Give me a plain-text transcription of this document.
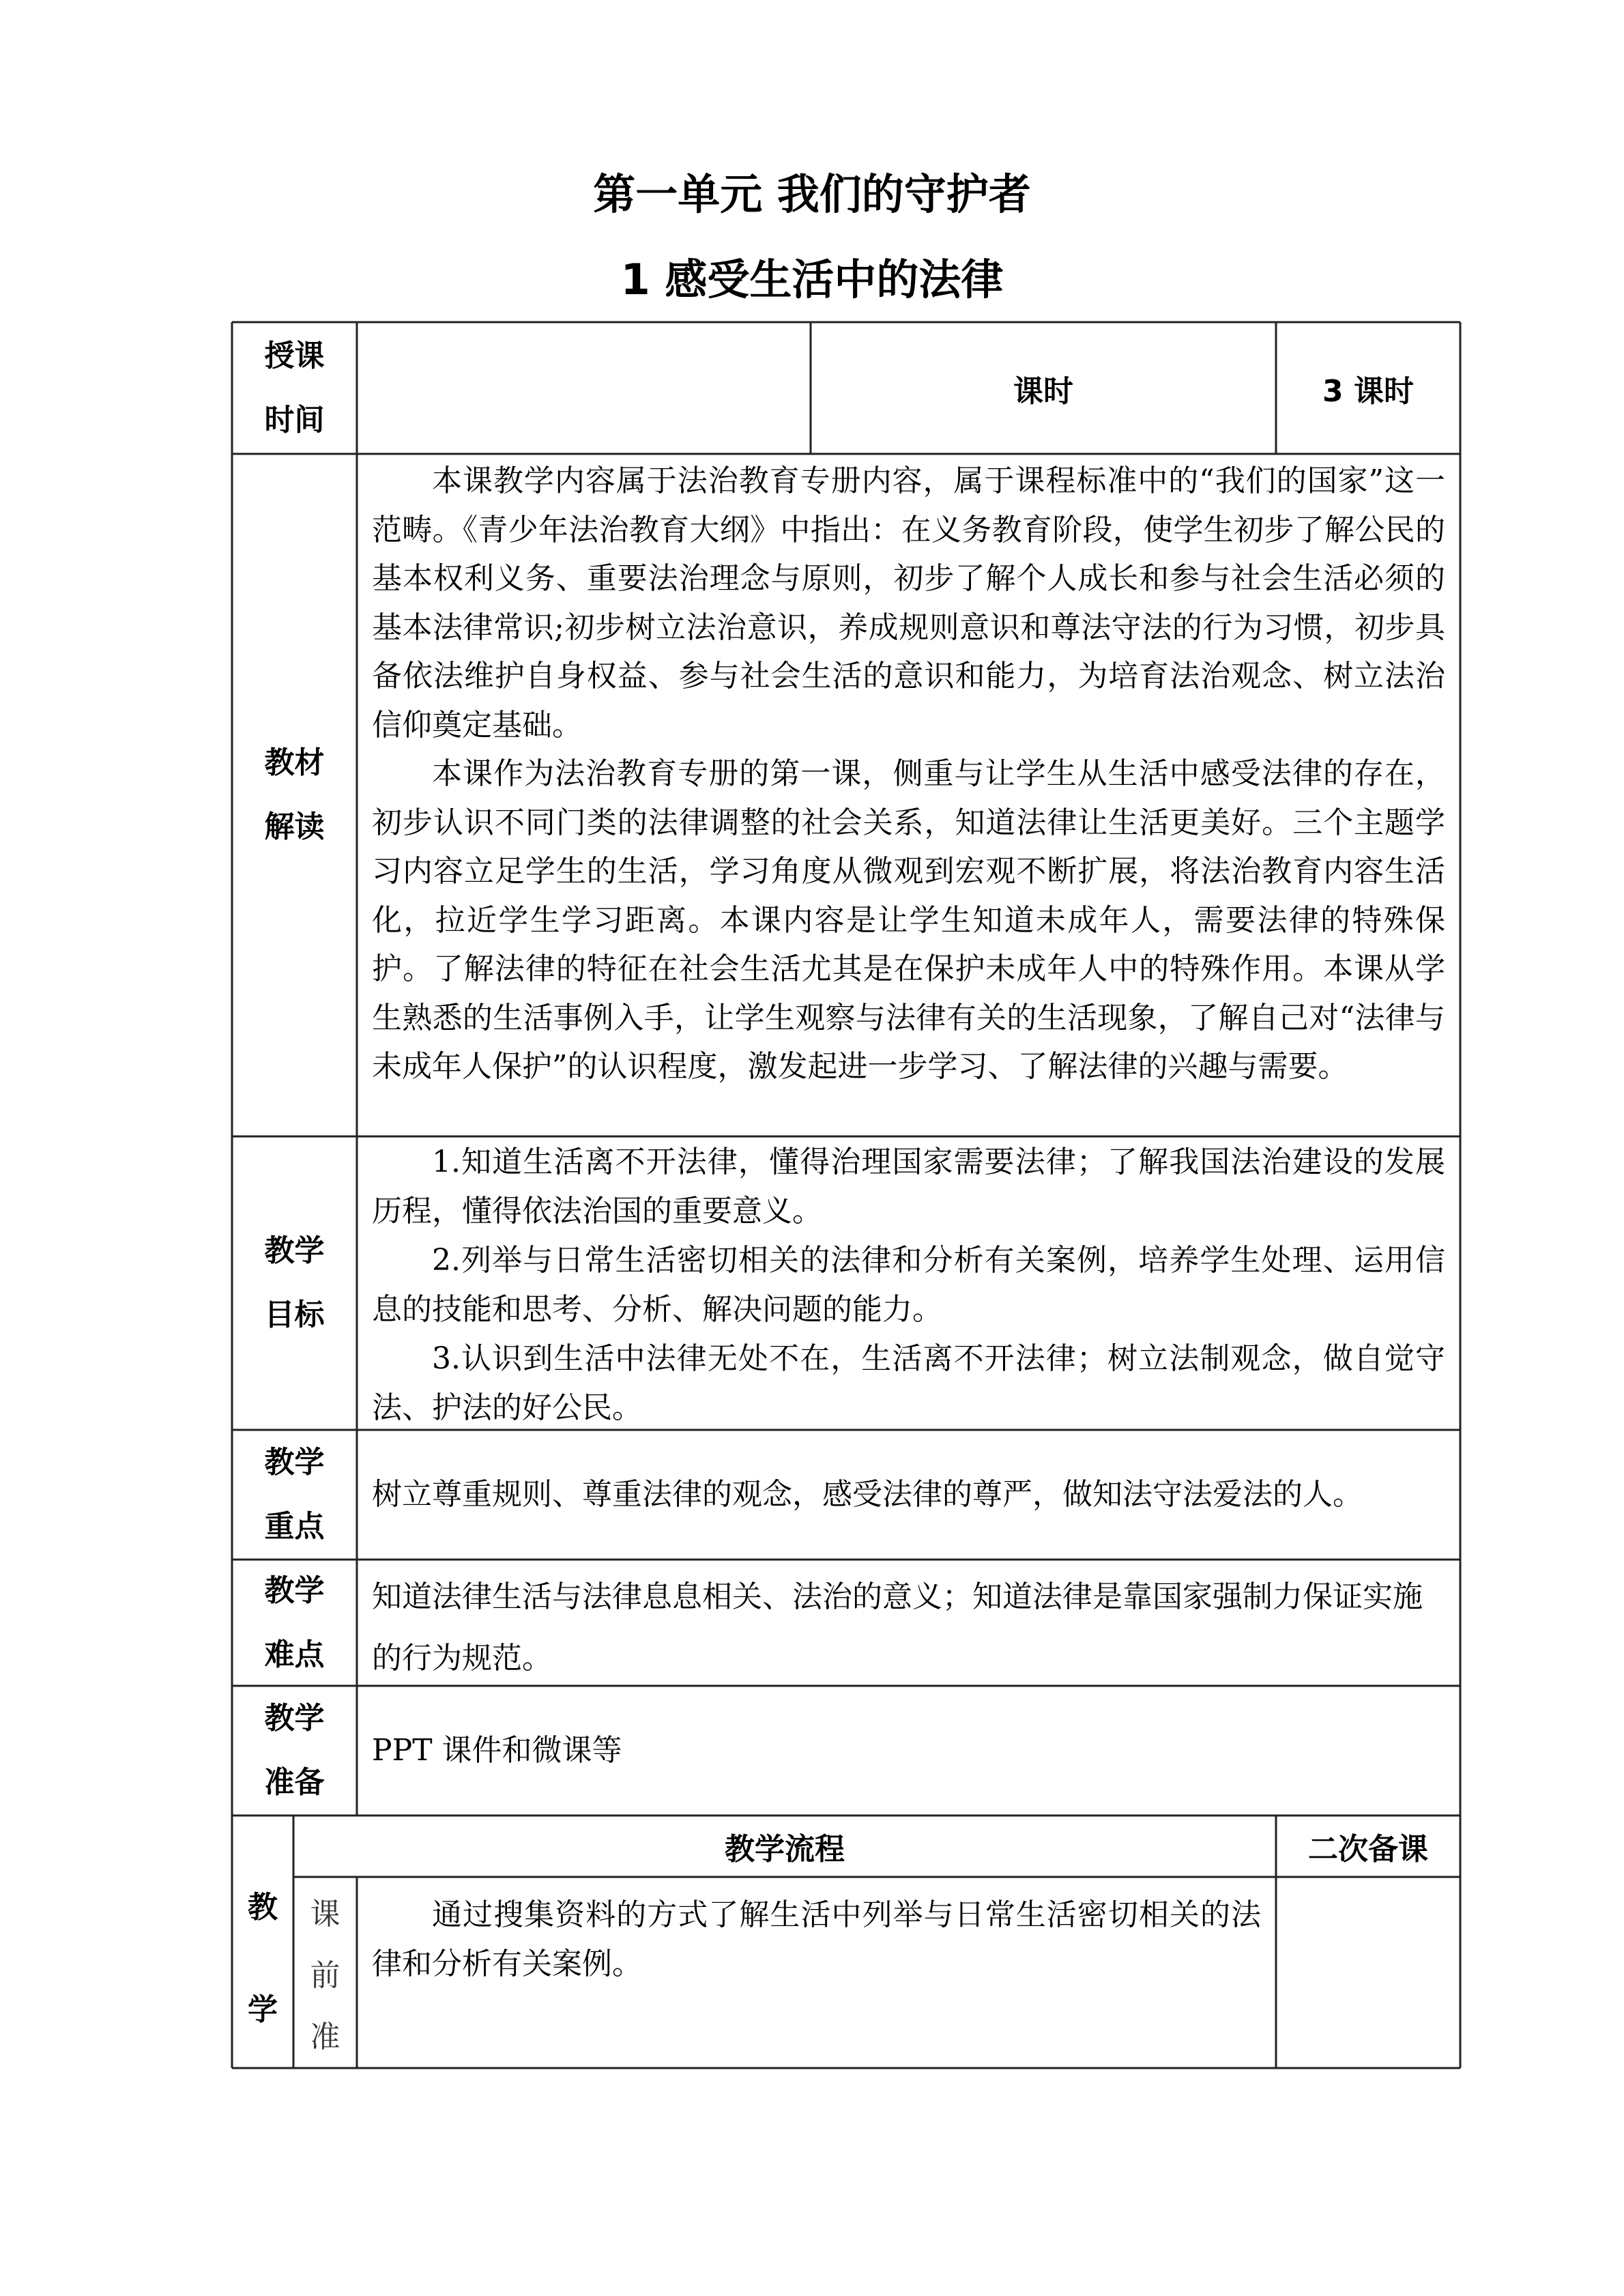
第一单元 我们的守护者
1 感受生活中的法律
授课
时间
课时	3 课时
教材
解读

本课教学内容属于法治教育专册内容，属于课程标准中的“我们的国家”这一范畴。《青少年法治教育大纲》中指出：在义务教育阶段，使学生初步了解公民的基本权利义务、重要法治理念与原则，初步了解个人成长和参与社会生活必须的基本法律常识;初步树立法治意识，养成规则意识和尊法守法的行为习惯，初步具备依法维护自身权益、参与社会生活的意识和能力，为培育法治观念、树立法治信仰奠定基础。

本课作为法治教育专册的第一课，侧重与让学生从生活中感受法律的存在，初步认识不同门类的法律调整的社会关系，知道法律让生活更美好。三个主题学习内容立足学生的生活，学习角度从微观到宏观不断扩展，将法治教育内容生活化，拉近学生学习距离。本课内容是让学生知道未成年人，需要法律的特殊保护。了解法律的特征在社会生活尤其是在保护未成年人中的特殊作用。本课从学生熟悉的生活事例入手，让学生观察与法律有关的生活现象，了解自己对“法律与未成年人保护”的认识程度，激发起进一步学习、了解法律的兴趣与需要。

教学
目标

1.知道生活离不开法律，懂得治理国家需要法律；了解我国法治建设的发展历程，懂得依法治国的重要意义。

2.列举与日常生活密切相关的法律和分析有关案例，培养学生处理、运用信息的技能和思考、分析、解决问题的能力。

3.认识到生活中法律无处不在，生活离不开法律；树立法制观念，做自觉守法、护法的好公民。

教学
重点
树立尊重规则、尊重法律的观念，感受法律的尊严，做知法守法爱法的人。
教学
难点
知道法律生活与法律息息相关、法治的意义；知道法律是靠国家强制力保证实施的行为规范。
教学
准备
PPT 课件和微课等
教
学
教学流程	二次备课
课
前
准

通过搜集资料的方式了解生活中列举与日常生活密切相关的法律和分析有关案例。
